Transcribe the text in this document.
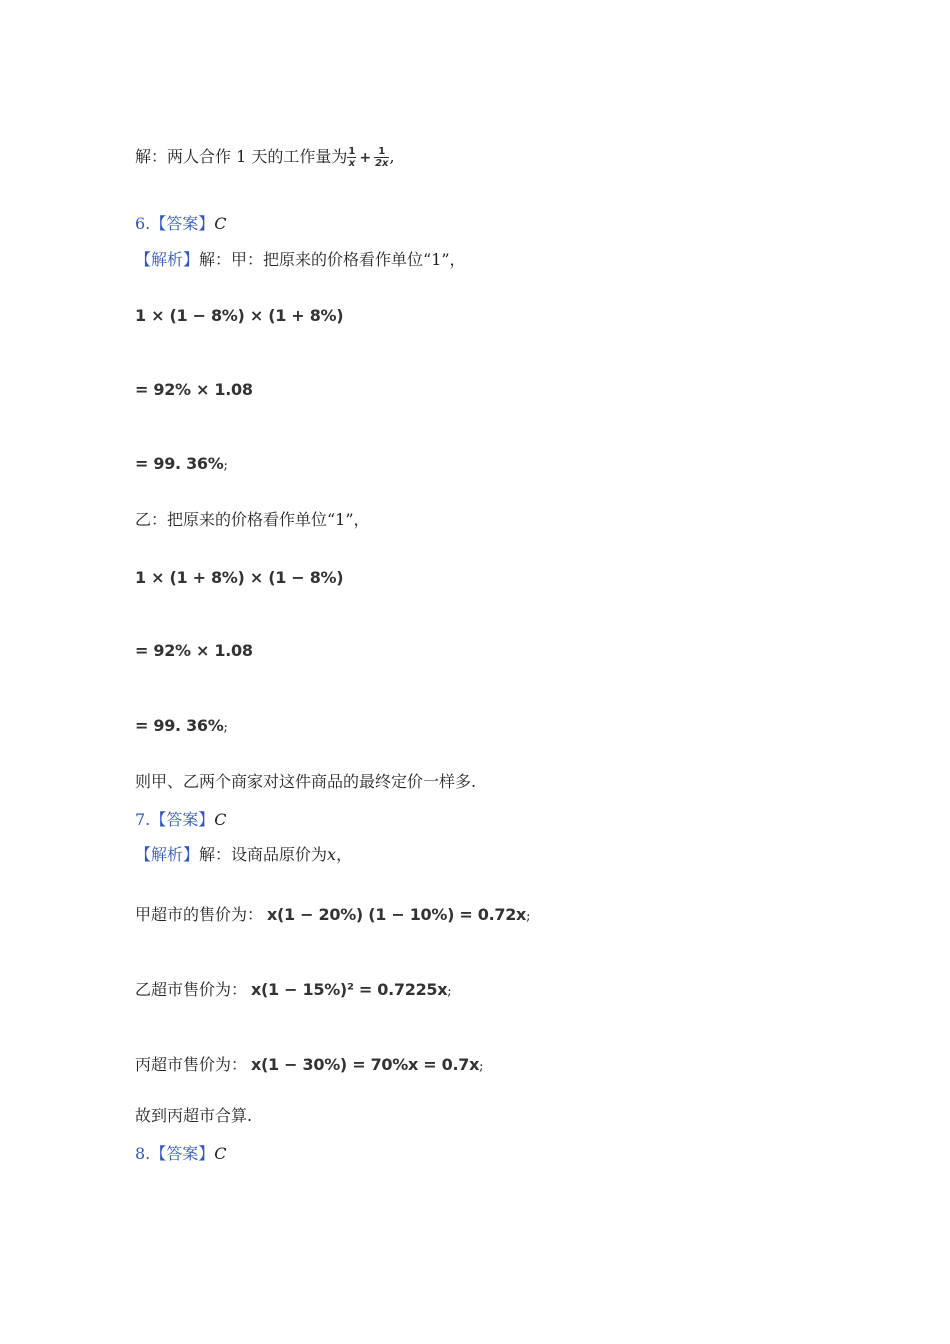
解：两人合作 1 天的工作量为 $\frac{1}{x} + \frac{1}{2x}$ ,
6.【答案】C
【解析】解：甲：把原来的价格看作单位“1”，
1 × (1 − 8%) × (1 + 8%)
= 92% × 1.08
= 99. 36%;
乙：把原来的价格看作单位“1”，
1 × (1 + 8%) × (1 − 8%)
= 92% × 1.08
= 99. 36%;
则甲、乙两个商家对这件商品的最终定价一样多.
7.【答案】C
【解析】解：设商品原价为x，
甲超市的售价为： x(1 − 20%) (1 − 10%) = 0.72x;
乙超市售价为： x(1 − 15%)² = 0.7225x;
丙超市售价为： x(1 − 30%) = 70%x = 0.7x;
故到丙超市合算.
8.【答案】C
